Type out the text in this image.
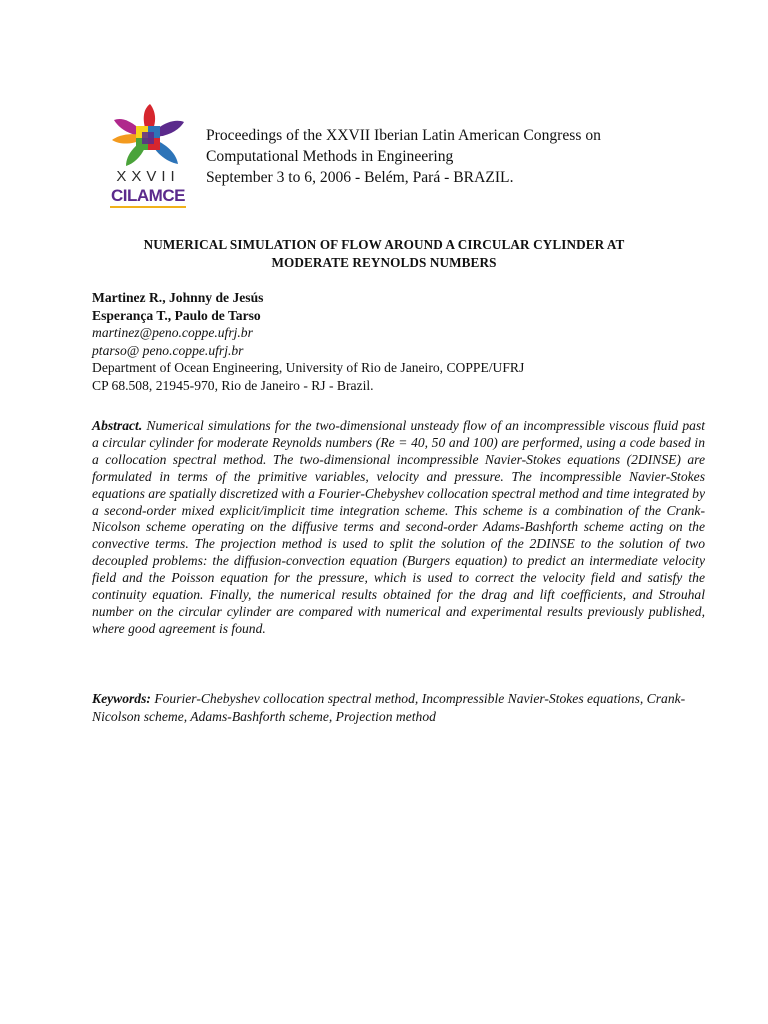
XXVII
CILAMCE
Proceedings of the XXVII Iberian Latin American Congress on
Computational Methods in Engineering
September 3 to 6, 2006 - Belém, Pará - BRAZIL.
NUMERICAL SIMULATION OF FLOW AROUND A CIRCULAR CYLINDER AT
MODERATE REYNOLDS NUMBERS
Martinez R., Johnny de Jesús
Esperança T., Paulo de Tarso
martinez@peno.coppe.ufrj.br
ptarso@ peno.coppe.ufrj.br
Department of Ocean Engineering, University of Rio de Janeiro, COPPE/UFRJ
CP 68.508, 21945-970, Rio de Janeiro - RJ - Brazil.
Abstract. Numerical simulations for the two-dimensional unsteady flow of an incompressible viscous fluid past a circular cylinder for moderate Reynolds numbers (Re = 40, 50 and 100) are performed, using a code based in a collocation spectral method. The two-dimensional incompressible Navier-Stokes equations (2DINSE) are formulated in terms of the primitive variables, velocity and pressure. The incompressible Navier-Stokes equations are spatially discretized with a Fourier-Chebyshev collocation spectral method and time integrated by a second-order mixed explicit/implicit time integration scheme. This scheme is a combination of the Crank-Nicolson scheme operating on the diffusive terms and second-order Adams-Bashforth scheme acting on the convective terms. The projection method is used to split the solution of the 2DINSE to the solution of two decoupled problems: the diffusion-convection equation (Burgers equation) to predict an intermediate velocity field and the Poisson equation for the pressure, which is used to correct the velocity field and satisfy the continuity equation. Finally, the numerical results obtained for the drag and lift coefficients, and Strouhal number on the circular cylinder are compared with numerical and experimental results previously published, where good agreement is found.
Keywords: Fourier-Chebyshev collocation spectral method, Incompressible Navier-Stokes equations, Crank-Nicolson scheme, Adams-Bashforth scheme, Projection method
